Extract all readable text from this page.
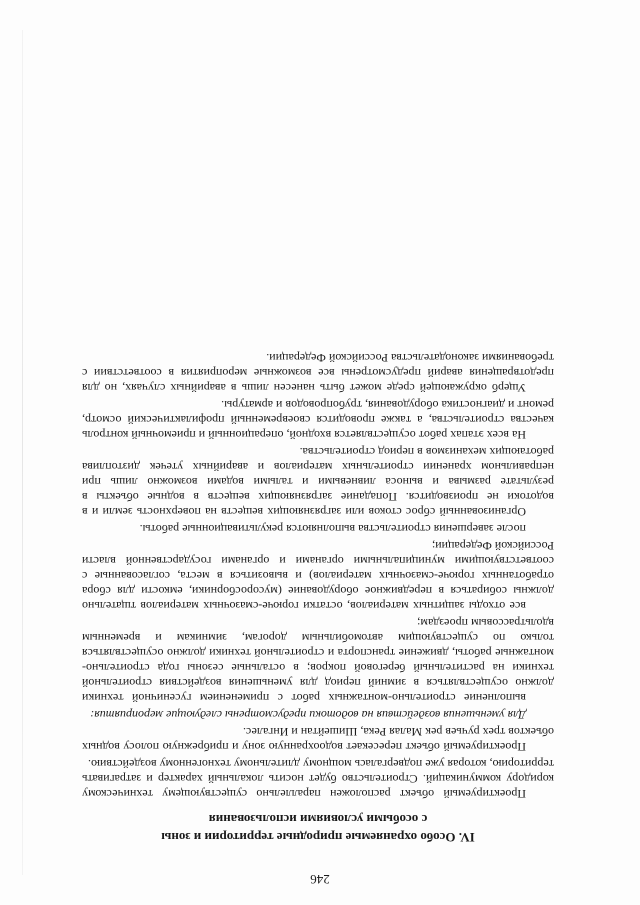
246
IV. Особо охраняемые природные территории и зоны
с особыми условиями использования

Проектируемый объект расположен параллельно существующему техническому коридору коммуникаций. Строительство будет носить локальный характер и затрагивать территорию, которая уже подвергалась мощному длительному техногенному воздействию.

Проектируемый объект пересекает водоохранную зону и прибрежную полосу водных объектов трех ручьев рек Малая Река, Шишейтан и Ингалес.

Для уменьшения воздействия на водотоки предусмотрены следующие мероприятия:

выполнение строительно-монтажных работ с применением гусеничной техники должно осуществляться в зимний период для уменьшения воздействия строительной техники на растительный береговой покров; в остальные сезоны года строительно-монтажные работы, движение транспорта и строительной техники должно осуществляться только по существующим автомобильным дорогам, зимникам и временным вдольтрассовым проездам;

все отходы защитных материалов, остатки горюче-смазочных материалов тщательно должны собираться в передвижное оборудование (мусоросборники, емкости для сбора отработанных горюче-смазочных материалов) и вывозиться в места, согласованные с соответствующими муниципальными органами и органами государственной власти Российской Федерации;

после завершения строительства выполняются рекультивационные работы.

Организованный сброс стоков или загрязняющих веществ на поверхность земли и в водотоки не производится. Попадание загрязняющих веществ в водные объекты в результате размыва и выноса ливневыми и талыми водами возможно лишь при неправильном хранении строительных материалов и аварийных утечек дизтоплива работающих механизмов в период строительства.

На всех этапах работ осуществляется входной, операционный и приемочный контроль качества строительства, а также проводится своевременный профилактический осмотр, ремонт и диагностика оборудования, трубопроводов и арматуры.

Ущерб окружающей среде может быть нанесен лишь в аварийных случаях, но для предотвращения аварий предусмотрены все возможные мероприятия в соответствии с требованиями законодательства Российской Федерации.
